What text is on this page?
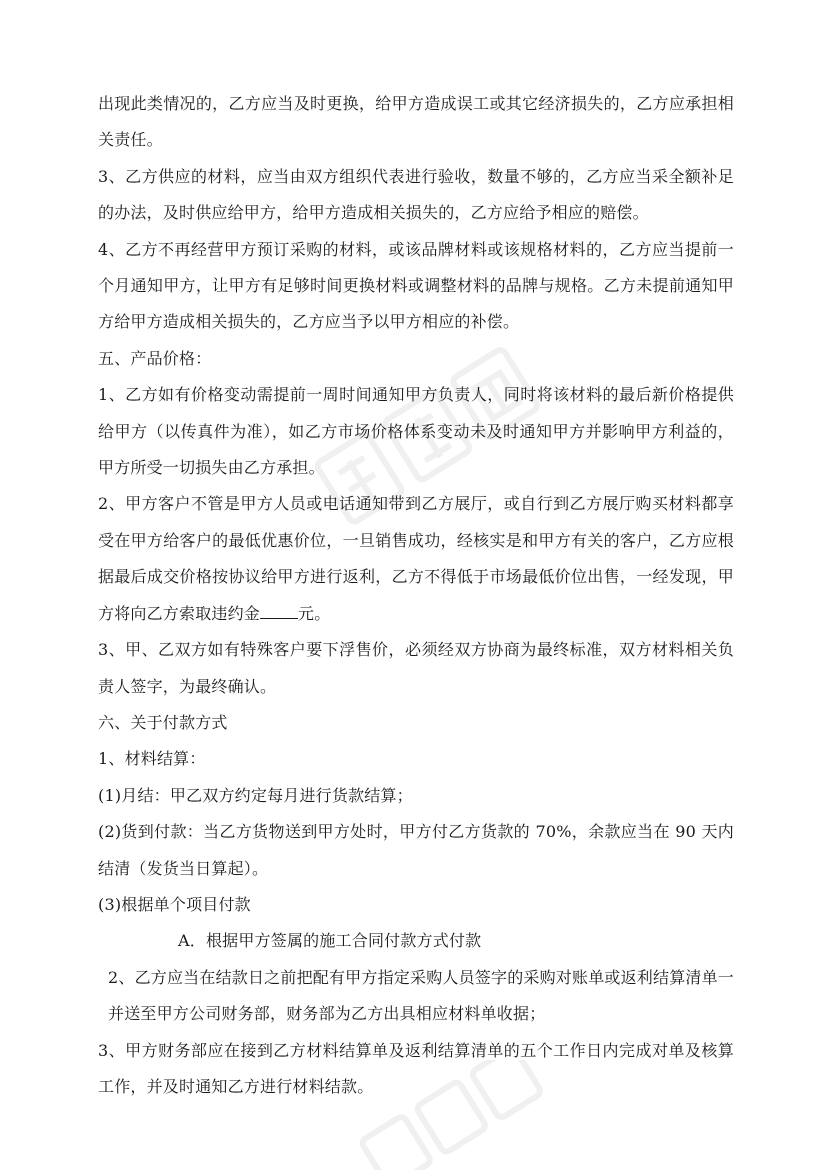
出现此类情况的，乙方应当及时更换，给甲方造成误工或其它经济损失的，乙方应承担相关责任。

3、乙方供应的材料，应当由双方组织代表进行验收，数量不够的，乙方应当采全额补足的办法，及时供应给甲方，给甲方造成相关损失的，乙方应给予相应的赔偿。

4、乙方不再经营甲方预订采购的材料，或该品牌材料或该规格材料的，乙方应当提前一个月通知甲方，让甲方有足够时间更换材料或调整材料的品牌与规格。乙方未提前通知甲方给甲方造成相关损失的，乙方应当予以甲方相应的补偿。

五、产品价格：

1、乙方如有价格变动需提前一周时间通知甲方负责人，同时将该材料的最后新价格提供给甲方（以传真件为准），如乙方市场价格体系变动未及时通知甲方并影响甲方利益的，甲方所受一切损失由乙方承担。

2、甲方客户不管是甲方人员或电话通知带到乙方展厅，或自行到乙方展厅购买材料都享受在甲方给客户的最低优惠价位，一旦销售成功，经核实是和甲方有关的客户，乙方应根据最后成交价格按协议给甲方进行返利，乙方不得低于市场最低价位出售，一经发现，甲方将向乙方索取违约金 元。

3、甲、乙双方如有特殊客户要下浮售价，必须经双方协商为最终标准，双方材料相关负责人签字，为最终确认。

六、关于付款方式

1、材料结算：

(1)月结：甲乙双方约定每月进行货款结算；

(2)货到付款：当乙方货物送到甲方处时，甲方付乙方货款的 70%，余款应当在 90 天内结清（发货当日算起）。

(3)根据单个项目付款

A．根据甲方签属的施工合同付款方式付款

2、乙方应当在结款日之前把配有甲方指定采购人员签字的采购对账单或返利结算清单一并送至甲方公司财务部，财务部为乙方出具相应材料单收据；

3、甲方财务部应在接到乙方材料结算单及返利结算清单的五个工作日内完成对单及核算工作，并及时通知乙方进行材料结款。
